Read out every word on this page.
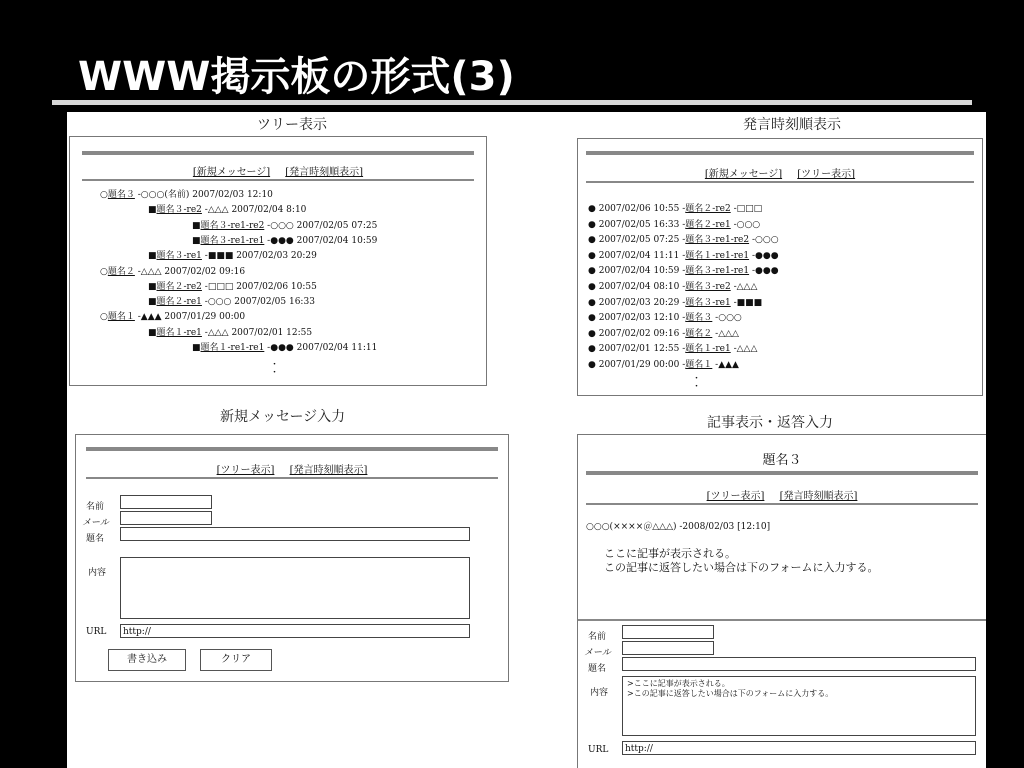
WWW掲示板の形式(3)
ツリー表示
[新規メッセージ] [発言時刻順表示]
○題名３ -○○○(名前) 2007/02/03 12:10
■題名３-re2 -△△△ 2007/02/04 8:10
■題名３-re1-re2 -○○○ 2007/02/05 07:25
■題名３-re1-re1 -●●● 2007/02/04 10:59
■題名３-re1 -■■■ 2007/02/03 20:29
○題名２ -△△△ 2007/02/02 09:16
■題名２-re2 -□□□ 2007/02/06 10:55
■題名２-re1 -○○○ 2007/02/05 16:33
○題名１ -▲▲▲ 2007/01/29 00:00
■題名１-re1 -△△△ 2007/02/01 12:55
■題名１-re1-re1 -●●● 2007/02/04 11:11
・
・
発言時刻順表示
[新規メッセージ] [ツリー表示]
● 2007/02/06 10:55 -題名２-re2 -□□□
● 2007/02/05 16:33 -題名２-re1 -○○○
● 2007/02/05 07:25 -題名３-re1-re2 -○○○
● 2007/02/04 11:11 -題名１-re1-re1 -●●●
● 2007/02/04 10:59 -題名３-re1-re1 -●●●
● 2007/02/04 08:10 -題名３-re2 -△△△
● 2007/02/03 20:29 -題名３-re1 -■■■
● 2007/02/03 12:10 -題名３ -○○○
● 2007/02/02 09:16 -題名２ -△△△
● 2007/02/01 12:55 -題名１-re1 -△△△
● 2007/01/29 00:00 -題名１ -▲▲▲
・
・
新規メッセージ入力
[ツリー表示] [発言時刻順表示]
名前
メール
題名
内容
URL	http://
書き込み	クリア
記事表示・返答入力
題名３
[ツリー表示] [発言時刻順表示]
○○○(××××＠△△△) -2008/02/03 [12:10]
ここに記事が表示される。
この記事に返答したい場合は下のフォームに入力する。
名前
メール
題名
内容
>ここに記事が表示される。
>この記事に返答したい場合は下のフォームに入力する。
URL	http://
